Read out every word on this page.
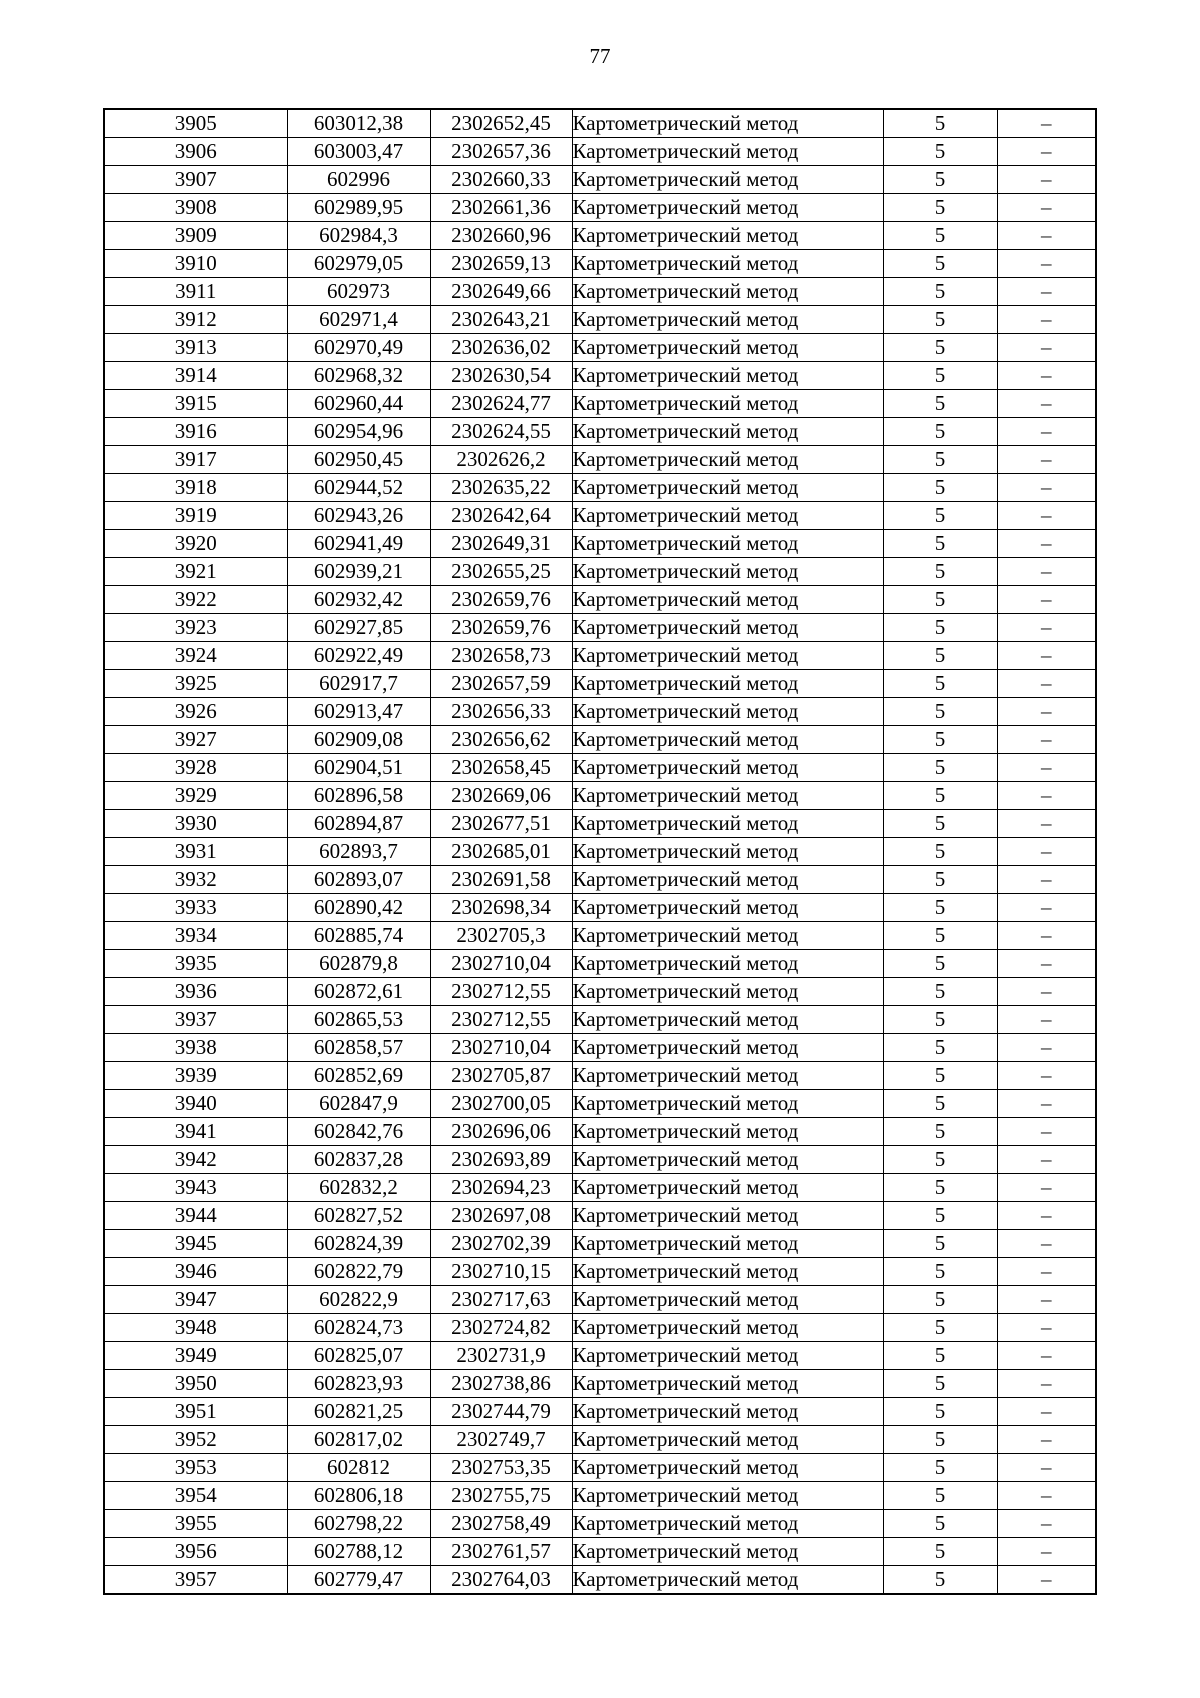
77
3905	603012,38	2302652,45	Картометрический метод	5	–
3906	603003,47	2302657,36	Картометрический метод	5	–
3907	602996	2302660,33	Картометрический метод	5	–
3908	602989,95	2302661,36	Картометрический метод	5	–
3909	602984,3	2302660,96	Картометрический метод	5	–
3910	602979,05	2302659,13	Картометрический метод	5	–
3911	602973	2302649,66	Картометрический метод	5	–
3912	602971,4	2302643,21	Картометрический метод	5	–
3913	602970,49	2302636,02	Картометрический метод	5	–
3914	602968,32	2302630,54	Картометрический метод	5	–
3915	602960,44	2302624,77	Картометрический метод	5	–
3916	602954,96	2302624,55	Картометрический метод	5	–
3917	602950,45	2302626,2	Картометрический метод	5	–
3918	602944,52	2302635,22	Картометрический метод	5	–
3919	602943,26	2302642,64	Картометрический метод	5	–
3920	602941,49	2302649,31	Картометрический метод	5	–
3921	602939,21	2302655,25	Картометрический метод	5	–
3922	602932,42	2302659,76	Картометрический метод	5	–
3923	602927,85	2302659,76	Картометрический метод	5	–
3924	602922,49	2302658,73	Картометрический метод	5	–
3925	602917,7	2302657,59	Картометрический метод	5	–
3926	602913,47	2302656,33	Картометрический метод	5	–
3927	602909,08	2302656,62	Картометрический метод	5	–
3928	602904,51	2302658,45	Картометрический метод	5	–
3929	602896,58	2302669,06	Картометрический метод	5	–
3930	602894,87	2302677,51	Картометрический метод	5	–
3931	602893,7	2302685,01	Картометрический метод	5	–
3932	602893,07	2302691,58	Картометрический метод	5	–
3933	602890,42	2302698,34	Картометрический метод	5	–
3934	602885,74	2302705,3	Картометрический метод	5	–
3935	602879,8	2302710,04	Картометрический метод	5	–
3936	602872,61	2302712,55	Картометрический метод	5	–
3937	602865,53	2302712,55	Картометрический метод	5	–
3938	602858,57	2302710,04	Картометрический метод	5	–
3939	602852,69	2302705,87	Картометрический метод	5	–
3940	602847,9	2302700,05	Картометрический метод	5	–
3941	602842,76	2302696,06	Картометрический метод	5	–
3942	602837,28	2302693,89	Картометрический метод	5	–
3943	602832,2	2302694,23	Картометрический метод	5	–
3944	602827,52	2302697,08	Картометрический метод	5	–
3945	602824,39	2302702,39	Картометрический метод	5	–
3946	602822,79	2302710,15	Картометрический метод	5	–
3947	602822,9	2302717,63	Картометрический метод	5	–
3948	602824,73	2302724,82	Картометрический метод	5	–
3949	602825,07	2302731,9	Картометрический метод	5	–
3950	602823,93	2302738,86	Картометрический метод	5	–
3951	602821,25	2302744,79	Картометрический метод	5	–
3952	602817,02	2302749,7	Картометрический метод	5	–
3953	602812	2302753,35	Картометрический метод	5	–
3954	602806,18	2302755,75	Картометрический метод	5	–
3955	602798,22	2302758,49	Картометрический метод	5	–
3956	602788,12	2302761,57	Картометрический метод	5	–
3957	602779,47	2302764,03	Картометрический метод	5	–
